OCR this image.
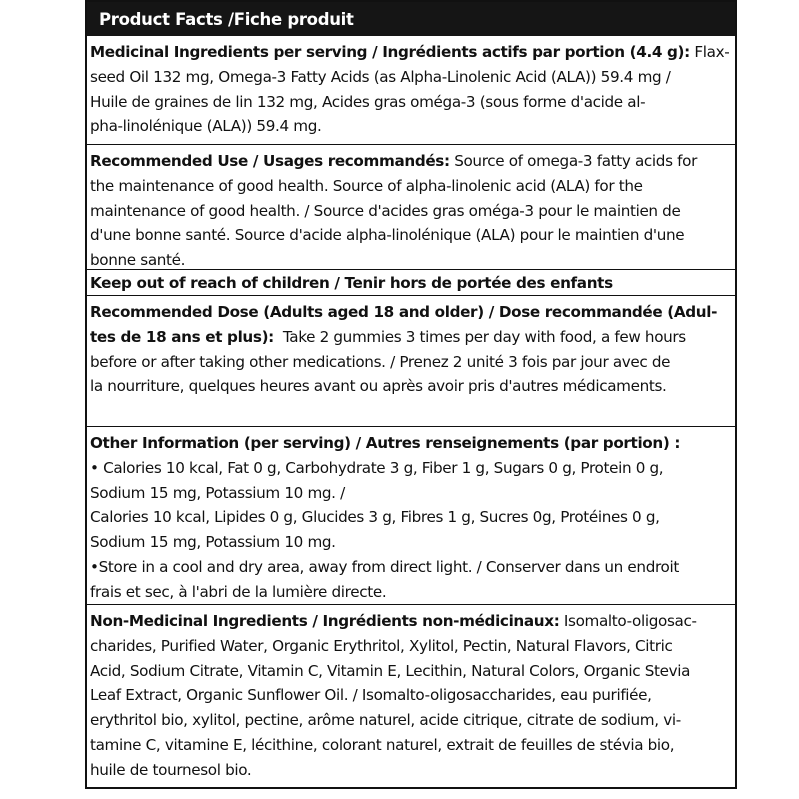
Product Facts /Fiche produit
Medicinal Ingredients per serving / Ingrédients actifs par portion (4.4 g): Flax-
seed Oil 132 mg, Omega-3 Fatty Acids (as Alpha-Linolenic Acid (ALA)) 59.4 mg /
Huile de graines de lin 132 mg, Acides gras oméga-3 (sous forme d'acide al-
pha-linolénique (ALA)) 59.4 mg.
Recommended Use / Usages recommandés: Source of omega-3 fatty acids for
the maintenance of good health. Source of alpha-linolenic acid (ALA) for the
maintenance of good health. / Source d'acides gras oméga-3 pour le maintien de
d'une bonne santé. Source d'acide alpha-linolénique (ALA) pour le maintien d'une
bonne santé.
Keep out of reach of children / Tenir hors de portée des enfants
Recommended Dose (Adults aged 18 and older) / Dose recommandée (Adul-
tes de 18 ans et plus):  Take 2 gummies 3 times per day with food, a few hours
before or after taking other medications. / Prenez 2 unité 3 fois par jour avec de
la nourriture, quelques heures avant ou après avoir pris d'autres médicaments.
Other Information (per serving) / Autres renseignements (par portion) :
• Calories 10 kcal, Fat 0 g, Carbohydrate 3 g, Fiber 1 g, Sugars 0 g, Protein 0 g,
Sodium 15 mg, Potassium 10 mg. /
Calories 10 kcal, Lipides 0 g, Glucides 3 g, Fibres 1 g, Sucres 0g, Protéines 0 g,
Sodium 15 mg, Potassium 10 mg.
•Store in a cool and dry area, away from direct light. / Conserver dans un endroit
frais et sec, à l'abri de la lumière directe.
Non-Medicinal Ingredients / Ingrédients non-médicinaux: Isomalto-oligosac-
charides, Purified Water, Organic Erythritol, Xylitol, Pectin, Natural Flavors, Citric
Acid, Sodium Citrate, Vitamin C, Vitamin E, Lecithin, Natural Colors, Organic Stevia
Leaf Extract, Organic Sunflower Oil. / Isomalto-oligosaccharides, eau purifiée,
erythritol bio, xylitol, pectine, arôme naturel, acide citrique, citrate de sodium, vi-
tamine C, vitamine E, lécithine, colorant naturel, extrait de feuilles de stévia bio,
huile de tournesol bio.
